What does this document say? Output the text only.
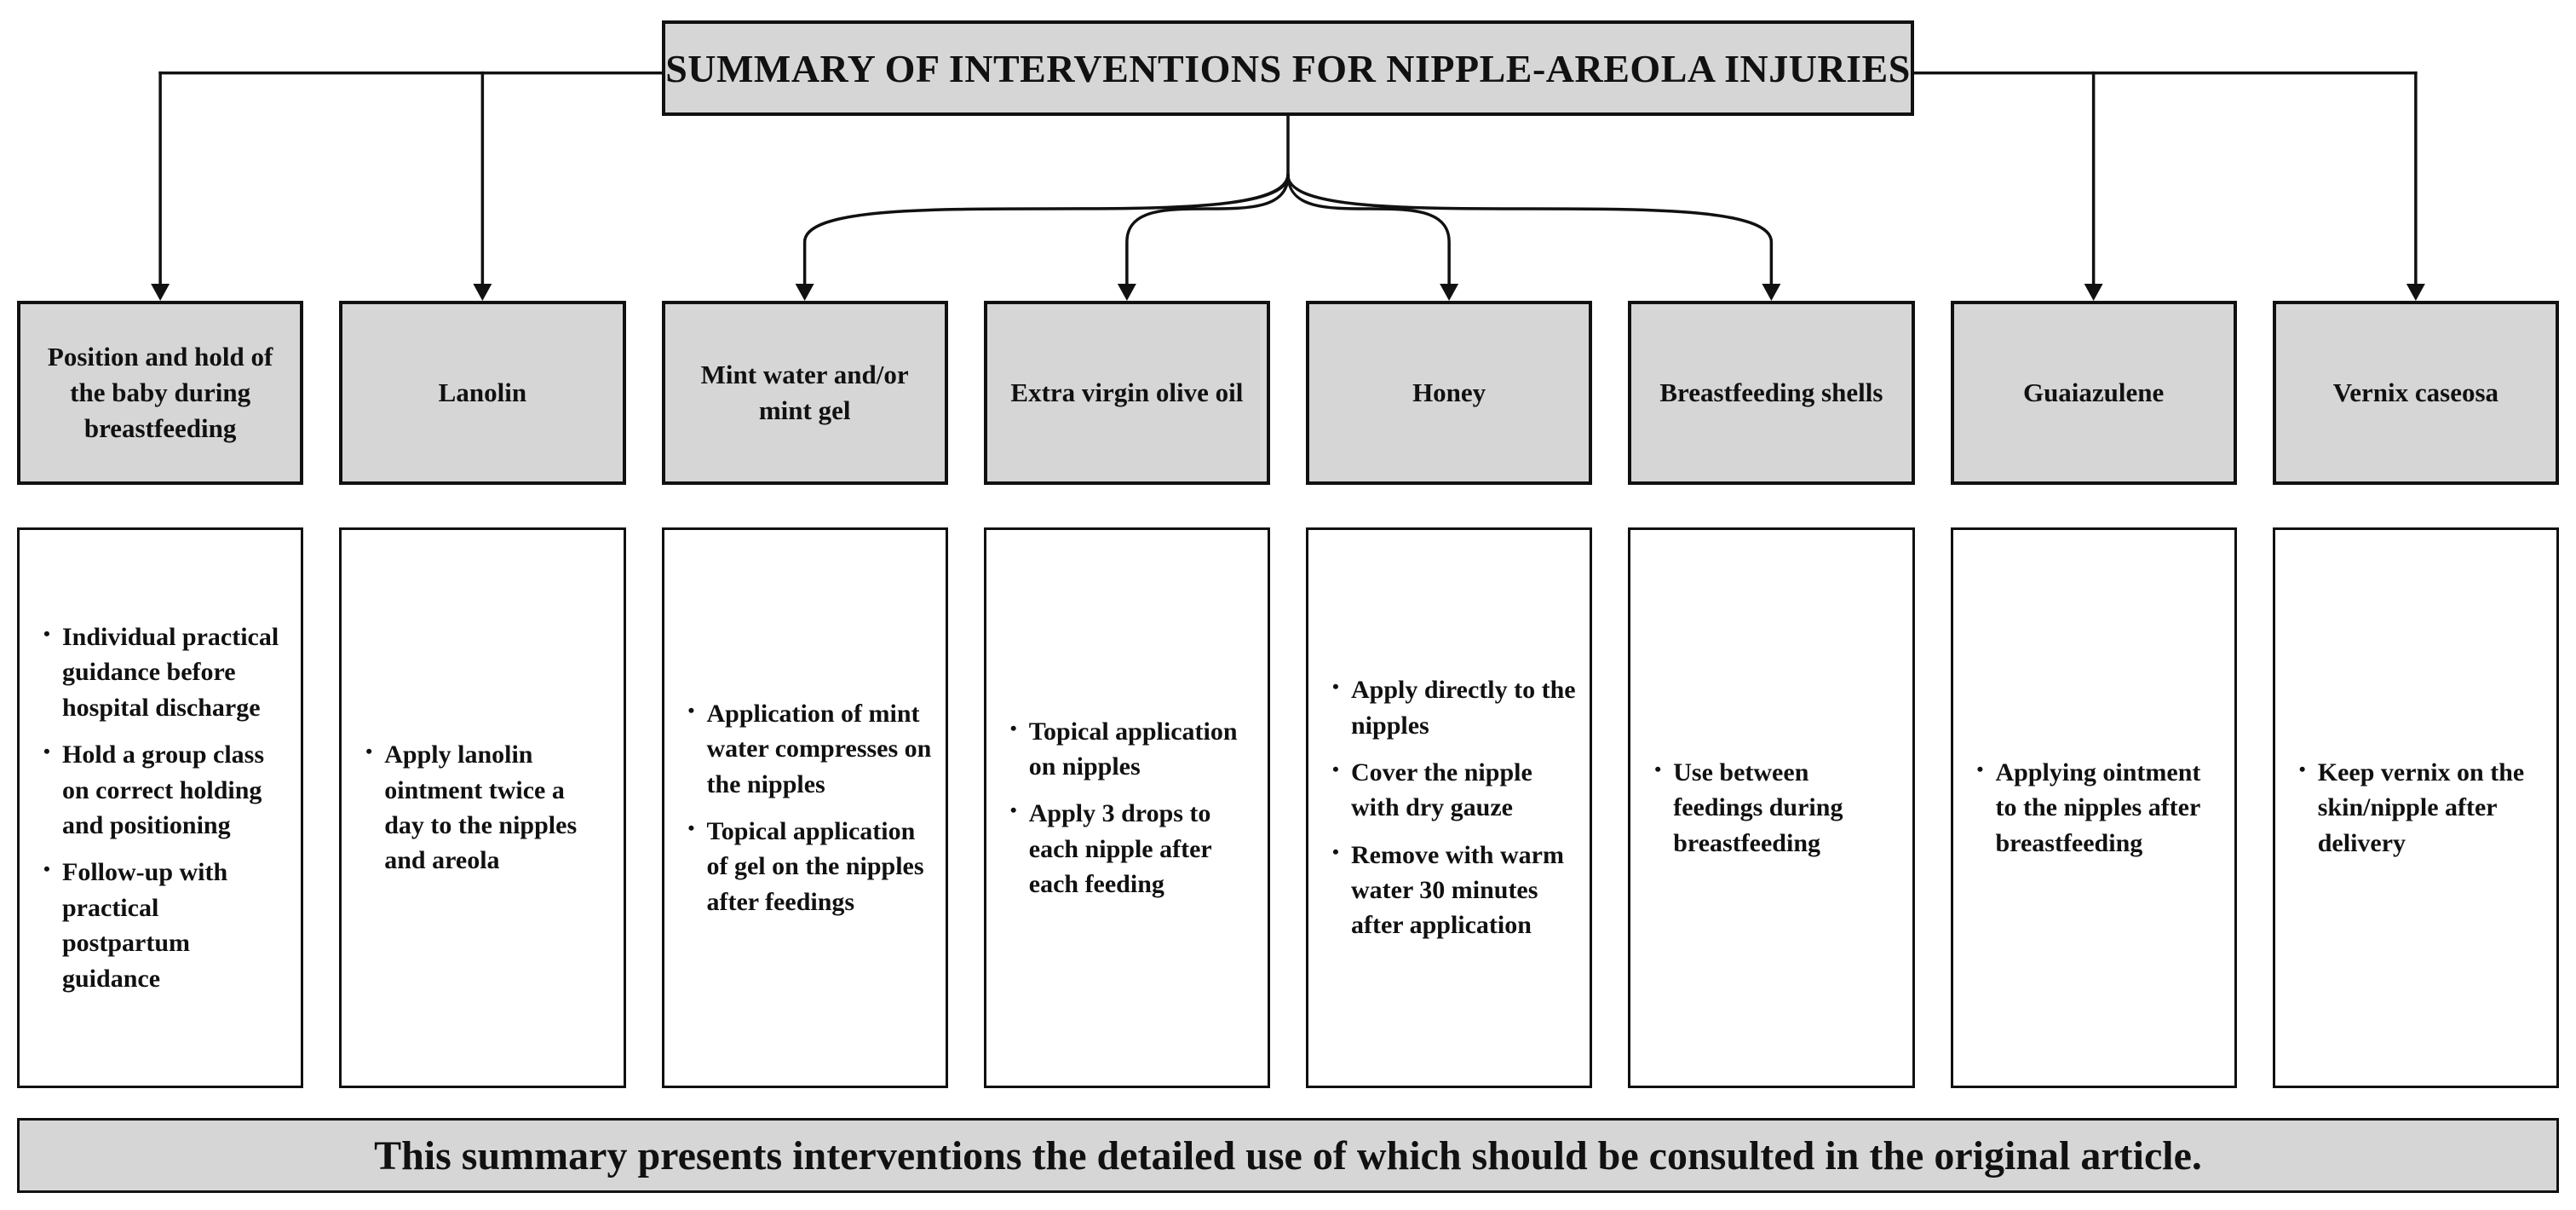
SUMMARY OF INTERVENTIONS FOR NIPPLE-AREOLA INJURIES
Position and hold of the baby during breastfeeding
• Individual practical guidance before hospital discharge
• Hold a group class on correct holding and positioning
• Follow-up with practical postpartum guidance
Lanolin
• Apply lanolin ointment twice a day to the nipples and areola
Mint water and/or mint gel
• Application of mint water compresses on the nipples
• Topical application of gel on the nipples after feedings
Extra virgin olive oil
• Topical application on nipples
• Apply 3 drops to each nipple after each feeding
Honey
• Apply directly to the nipples
• Cover the nipple with dry gauze
• Remove with warm water 30 minutes after application
Breastfeeding shells
• Use between feedings during breastfeeding
Guaiazulene
• Applying ointment to the nipples after breastfeeding
Vernix caseosa
• Keep vernix on the skin/nipple after delivery
This summary presents interventions the detailed use of which should be consulted in the original article.
